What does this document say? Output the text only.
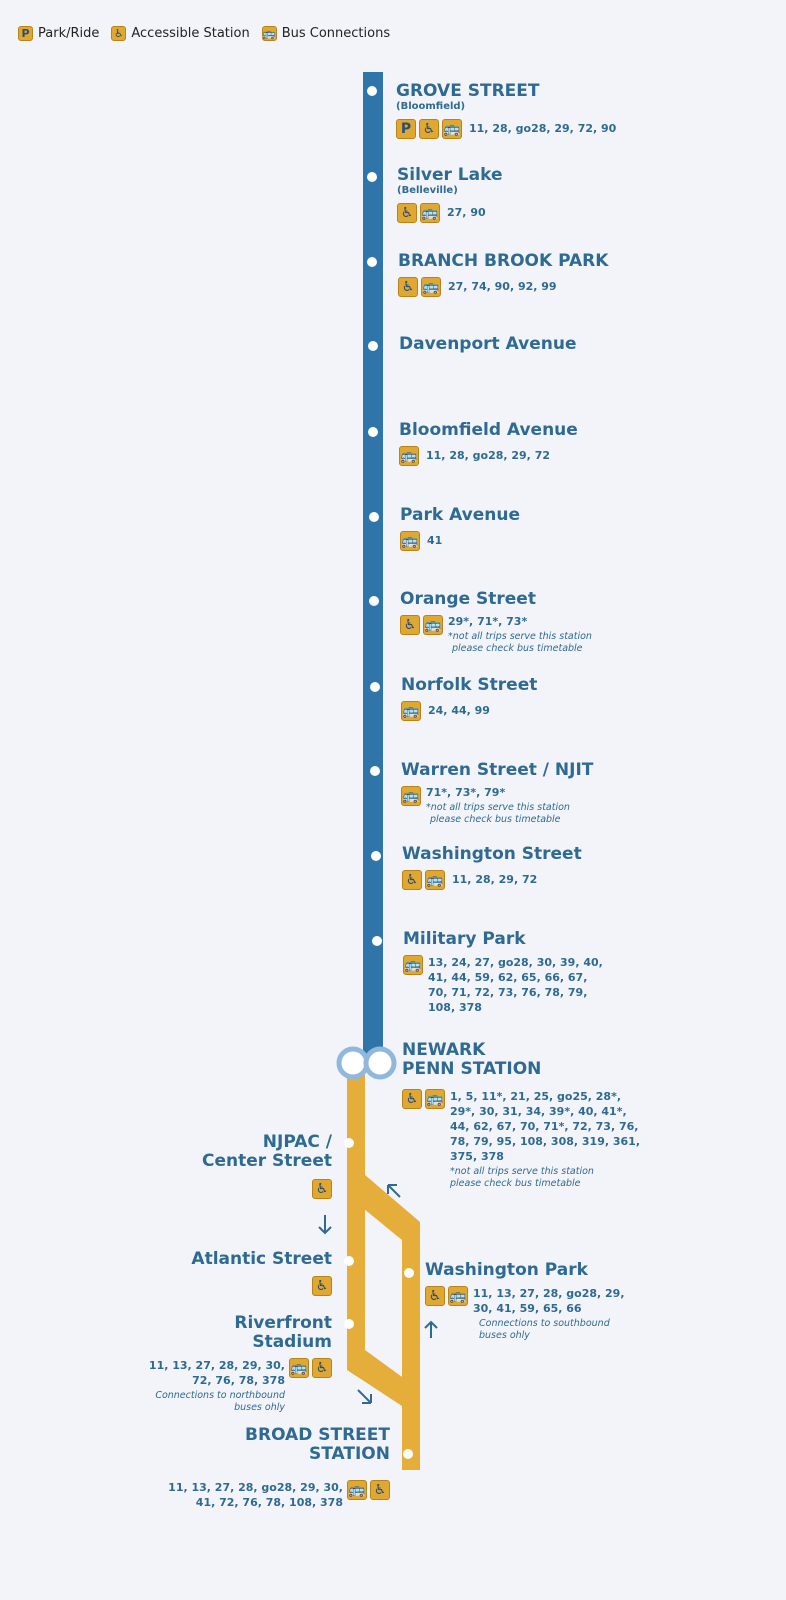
P Park/Ride ♿ Accessible Station 🚌 Bus Connections
GROVE STREET
(Bloomfield)
P ♿ 🚌 11, 28, go28, 29, 72, 90
Silver Lake
(Belleville)
♿ 🚌 27, 90
BRANCH BROOK PARK
♿ 🚌 27, 74, 90, 92, 99
Davenport Avenue
Bloomfield Avenue
🚌 11, 28, go28, 29, 72
Park Avenue
🚌 41
Orange Street
♿ 🚌 29*, 71*, 73*
*not all trips serve this station
please check bus timetable
Norfolk Street
🚌 24, 44, 99
Warren Street / NJIT
🚌 71*, 73*, 79*
*not all trips serve this station
please check bus timetable
Washington Street
♿ 🚌 11, 28, 29, 72
Military Park
🚌 13, 24, 27, go28, 30, 39, 40,
41, 44, 59, 62, 65, 66, 67,
70, 71, 72, 73, 76, 78, 79,
108, 378
NEWARK
PENN STATION
♿ 🚌 1, 5, 11*, 21, 25, go25, 28*,
29*, 30, 31, 34, 39*, 40, 41*,
44, 62, 67, 70, 71*, 72, 73, 76,
78, 79, 95, 108, 308, 319, 361,
375, 378
*not all trips serve this station
please check bus timetable
NJPAC /
Center Street
♿
Atlantic Street
♿
Riverfront
Stadium
11, 13, 27, 28, 29, 30,
72, 76, 78, 378
Connections to northbound
buses ohly
🚌 ♿
Washington Park
♿ 🚌 11, 13, 27, 28, go28, 29,
30, 41, 59, 65, 66
Connections to southbound
buses ohly
BROAD STREET
STATION
11, 13, 27, 28, go28, 29, 30,
41, 72, 76, 78, 108, 378
🚌 ♿
